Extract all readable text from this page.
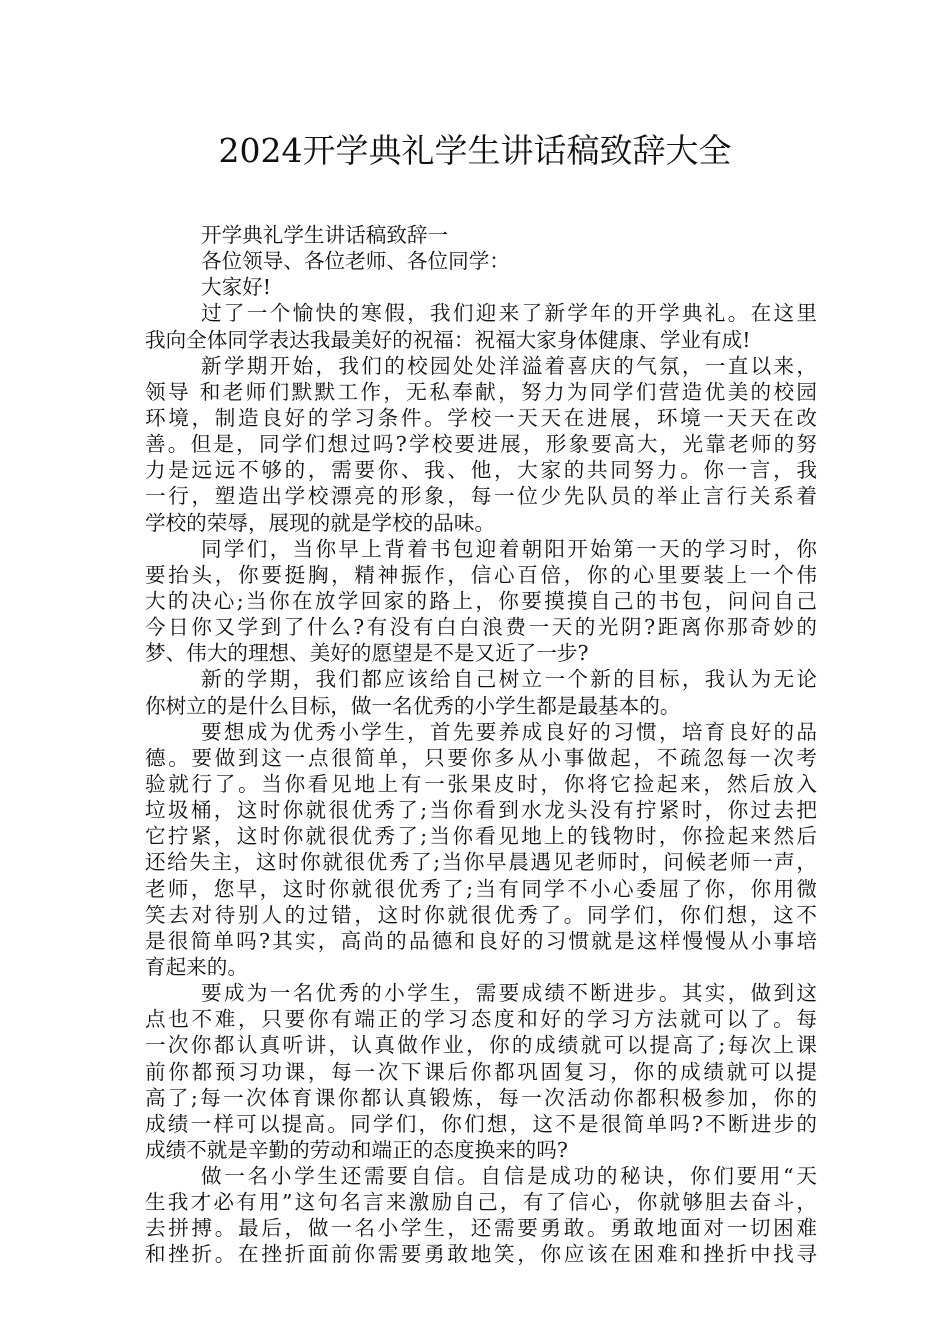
2024开学典礼学生讲话稿致辞大全
开学典礼学生讲话稿致辞一
各位领导、各位老师、各位同学：
大家好!
过了一个愉快的寒假，我们迎来了新学年的开学典礼。在这里
我向全体同学表达我最美好的祝福：祝福大家身体健康、学业有成!
新学期开始，我们的校园处处洋溢着喜庆的气氛，一直以来，
领导 和老师们默默工作，无私奉献，努力为同学们营造优美的校园
环境，制造良好的学习条件。学校一天天在进展，环境一天天在改
善。但是，同学们想过吗?学校要进展，形象要高大，光靠老师的努
力是远远不够的，需要你、我、他，大家的共同努力。你一言，我
一行，塑造出学校漂亮的形象，每一位少先队员的举止言行关系着
学校的荣辱，展现的就是学校的品味。
同学们，当你早上背着书包迎着朝阳开始第一天的学习时，你
要抬头，你要挺胸，精神振作，信心百倍，你的心里要装上一个伟
大的决心;当你在放学回家的路上，你要摸摸自己的书包，问问自己
今日你又学到了什么?有没有白白浪费一天的光阴?距离你那奇妙的
梦、伟大的理想、美好的愿望是不是又近了一步?
新的学期，我们都应该给自己树立一个新的目标，我认为无论
你树立的是什么目标，做一名优秀的小学生都是最基本的。
要想成为优秀小学生，首先要养成良好的习惯，培育良好的品
德。要做到这一点很简单，只要你多从小事做起，不疏忽每一次考
验就行了。当你看见地上有一张果皮时，你将它捡起来，然后放入
垃圾桶，这时你就很优秀了;当你看到水龙头没有拧紧时，你过去把
它拧紧，这时你就很优秀了;当你看见地上的钱物时，你捡起来然后
还给失主，这时你就很优秀了;当你早晨遇见老师时，问候老师一声，
老师，您早，这时你就很优秀了;当有同学不小心委屈了你，你用微
笑去对待别人的过错，这时你就很优秀了。同学们，你们想，这不
是很简单吗?其实，高尚的品德和良好的习惯就是这样慢慢从小事培
育起来的。
要成为一名优秀的小学生，需要成绩不断进步。其实，做到这
点也不难，只要你有端正的学习态度和好的学习方法就可以了。每
一次你都认真听讲，认真做作业，你的成绩就可以提高了;每次上课
前你都预习功课，每一次下课后你都巩固复习，你的成绩就可以提
高了;每一次体育课你都认真锻炼，每一次活动你都积极参加，你的
成绩一样可以提高。同学们，你们想，这不是很简单吗?不断进步的
成绩不就是辛勤的劳动和端正的态度换来的吗?
做一名小学生还需要自信。自信是成功的秘诀，你们要用“天
生我才必有用”这句名言来激励自己，有了信心，你就够胆去奋斗，
去拼搏。最后，做一名小学生，还需要勇敢。勇敢地面对一切困难
和挫折。在挫折面前你需要勇敢地笑，你应该在困难和挫折中找寻
